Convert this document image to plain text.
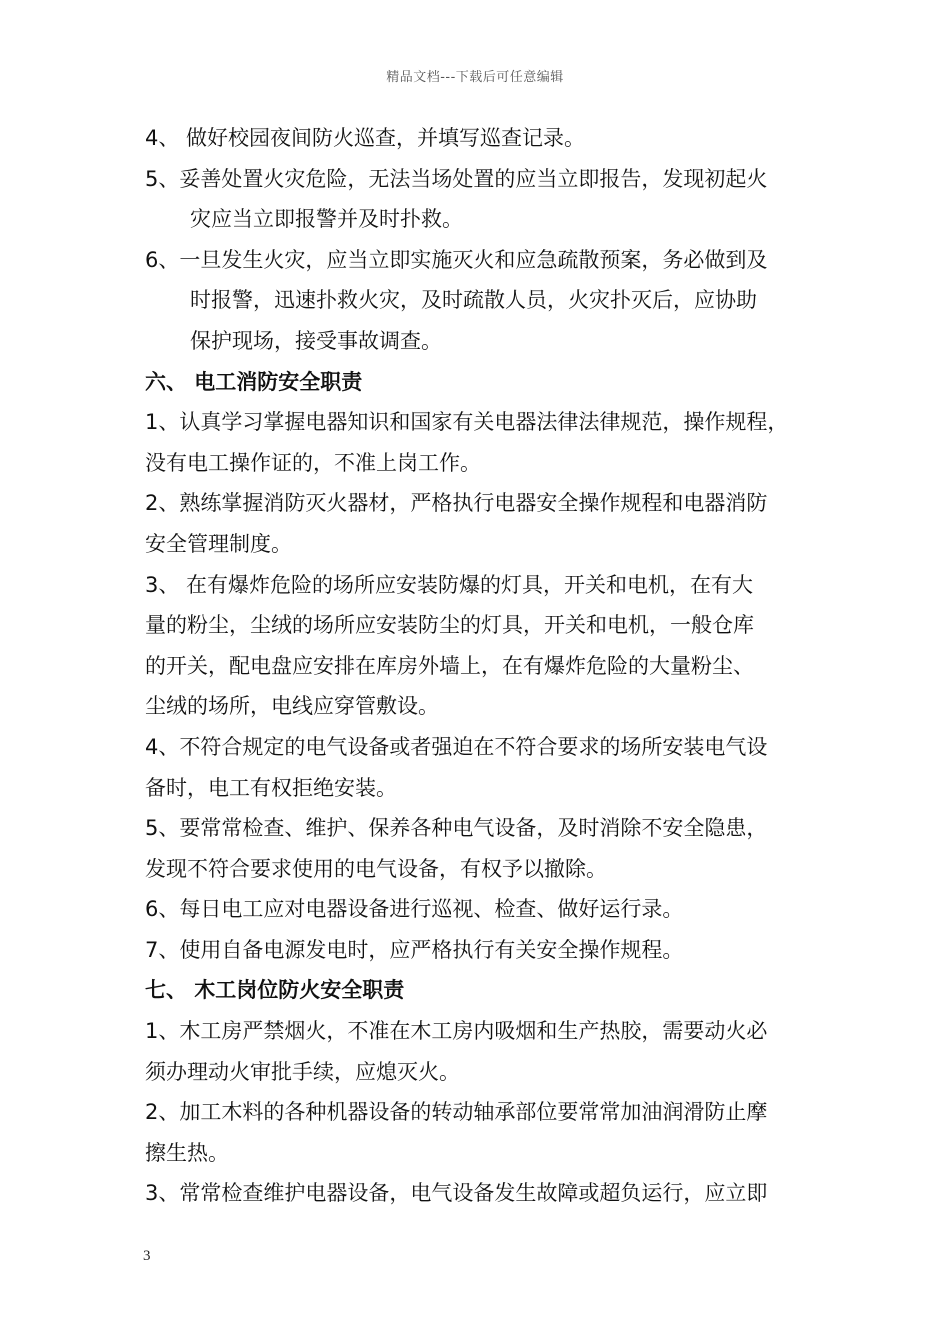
精品文档---下载后可任意编辑
4、 做好校园夜间防火巡查，并填写巡查记录。
5、妥善处置火灾危险，无法当场处置的应当立即报告，发现初起火
灾应当立即报警并及时扑救。
6、一旦发生火灾，应当立即实施灭火和应急疏散预案，务必做到及
时报警，迅速扑救火灾，及时疏散人员，火灾扑灭后，应协助
保护现场，接受事故调查。
六、 电工消防安全职责
1、认真学习掌握电器知识和国家有关电器法律法律规范，操作规程，
没有电工操作证的，不准上岗工作。
2、熟练掌握消防灭火器材，严格执行电器安全操作规程和电器消防
安全管理制度。
3、 在有爆炸危险的场所应安装防爆的灯具，开关和电机，在有大
量的粉尘，尘绒的场所应安装防尘的灯具，开关和电机，一般仓库
的开关，配电盘应安排在库房外墙上，在有爆炸危险的大量粉尘、
尘绒的场所，电线应穿管敷设。
4、不符合规定的电气设备或者强迫在不符合要求的场所安装电气设
备时，电工有权拒绝安装。
5、要常常检查、维护、保养各种电气设备，及时消除不安全隐患，
发现不符合要求使用的电气设备，有权予以撤除。
6、每日电工应对电器设备进行巡视、检查、做好运行录。
7、使用自备电源发电时，应严格执行有关安全操作规程。
七、 木工岗位防火安全职责
1、木工房严禁烟火，不准在木工房内吸烟和生产热胶，需要动火必
须办理动火审批手续，应熄灭火。
2、加工木料的各种机器设备的转动轴承部位要常常加油润滑防止摩
擦生热。
3、常常检查维护电器设备，电气设备发生故障或超负运行，应立即
3
